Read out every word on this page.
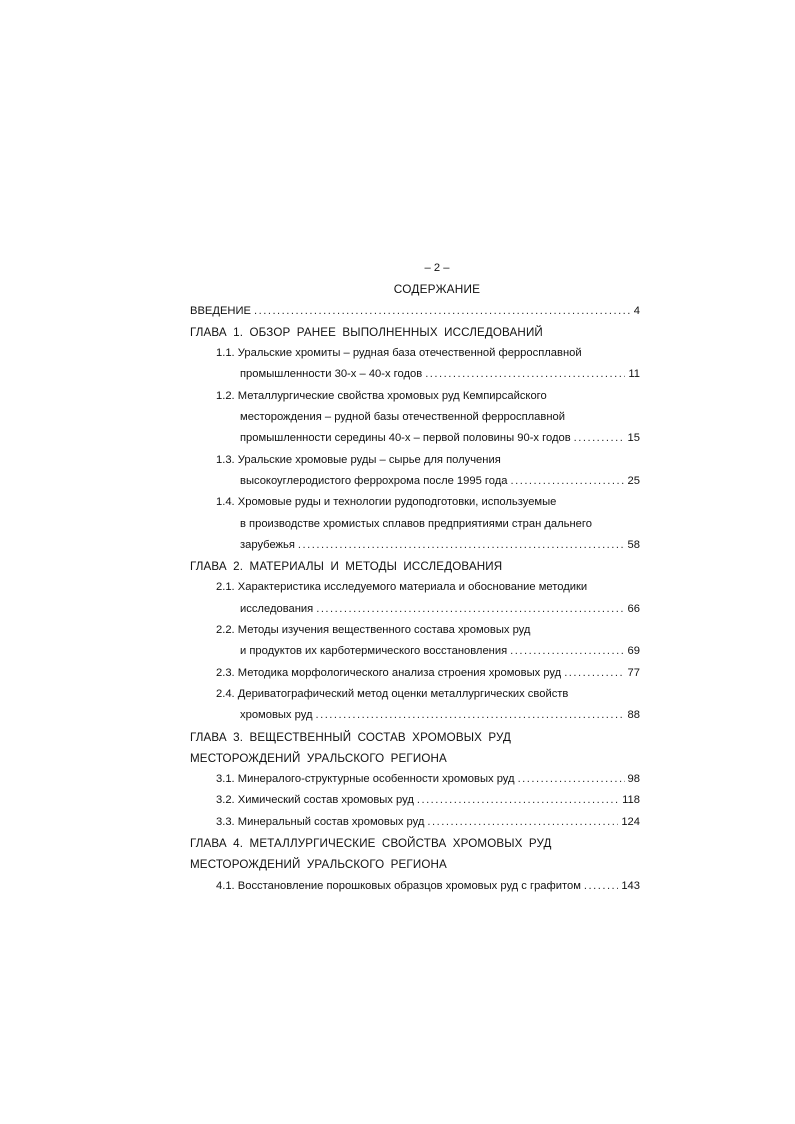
– 2 –
СОДЕРЖАНИЕ
ВВЕДЕНИЕ .....	4
ГЛАВА 1. ОБЗОР РАНЕЕ ВЫПОЛНЕННЫХ ИССЛЕДОВАНИЙ
1.1. Уральские хромиты – рудная база отечественной ферросплавной
промышленности 30-х – 40-х годов .....	11
1.2. Металлургические свойства хромовых руд Кемпирсайского
месторождения – рудной базы отечественной ферросплавной
промышленности середины 40-х – первой половины 90-х годов .....	15
1.3. Уральские хромовые руды – сырье для получения
высокоуглеродистого феррохрома после 1995 года .....	25
1.4. Хромовые руды и технологии рудоподготовки, используемые
в производстве хромистых сплавов предприятиями стран дальнего
зарубежья .....	58
ГЛАВА 2. МАТЕРИАЛЫ И МЕТОДЫ ИССЛЕДОВАНИЯ
2.1. Характеристика исследуемого материала и обоснование методики
исследования .....	66
2.2. Методы изучения вещественного состава хромовых руд
и продуктов их карботермического восстановления .....	69
2.3. Методика морфологического анализа строения хромовых руд .....	77
2.4. Дериватографический метод оценки металлургических свойств
хромовых руд .....	88
ГЛАВА 3. ВЕЩЕСТВЕННЫЙ СОСТАВ ХРОМОВЫХ РУД
МЕСТОРОЖДЕНИЙ УРАЛЬСКОГО РЕГИОНА
3.1. Минералого-структурные особенности хромовых руд .....	98
3.2. Химический состав хромовых руд .....	118
3.3. Минеральный состав хромовых руд .....	124
ГЛАВА 4. МЕТАЛЛУРГИЧЕСКИЕ СВОЙСТВА ХРОМОВЫХ РУД
МЕСТОРОЖДЕНИЙ УРАЛЬСКОГО РЕГИОНА
4.1. Восстановление порошковых образцов хромовых руд с графитом .....	143
